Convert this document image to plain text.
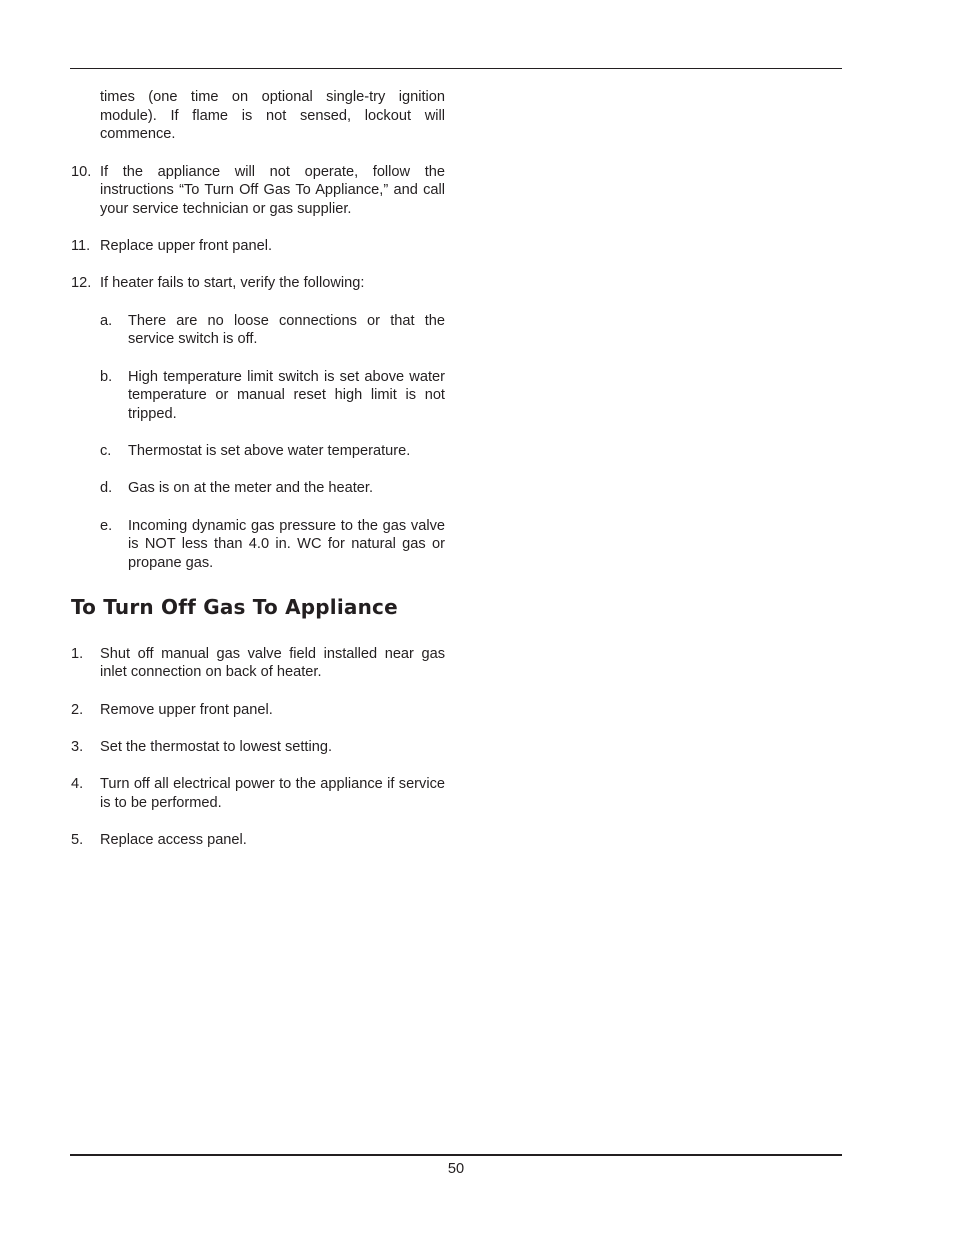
times (one time on optional single-try ignition module). If flame is not sensed, lockout will commence.
10. If the appliance will not operate, follow the instructions “To Turn Off Gas To Appliance,” and call your service technician or gas supplier.
11. Replace upper front panel.
12. If heater fails to start, verify the following:
a.	There are no loose connections or that the service switch is off.
b.	High temperature limit switch is set above water temperature or manual reset high limit is not tripped.
c.	Thermostat is set above water temperature.
d.	Gas is on at the meter and the heater.
e.	Incoming dynamic gas pressure to the gas valve is NOT less than 4.0 in. WC for natural gas or propane gas.
To Turn Off Gas To Appliance
1.	Shut off manual gas valve field installed near gas inlet connection on back of heater.
2.	Remove upper front panel.
3.	Set the thermostat to lowest setting.
4.	Turn off all electrical power to the appliance if service is to be performed.
5.	Replace access panel.
50
